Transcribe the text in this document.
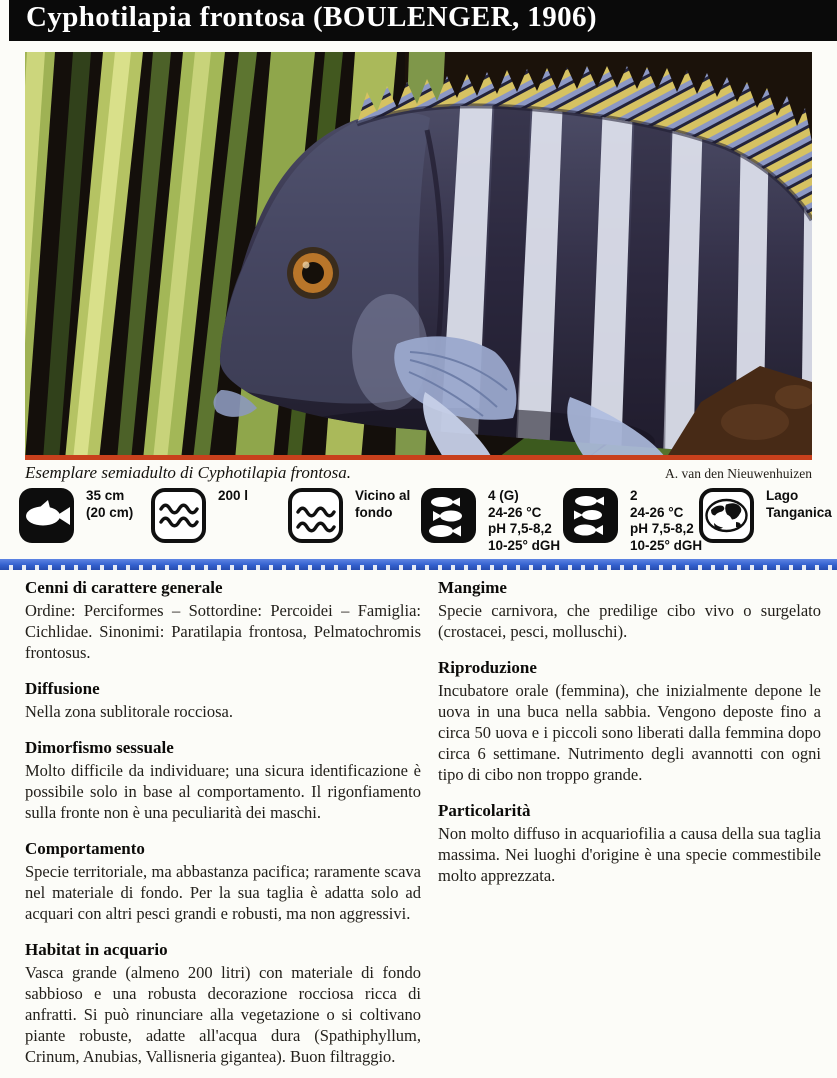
Cyphotilapia frontosa (BOULENGER, 1906)
Esemplare semiadulto di Cyphotilapia frontosa.	A. van den Nieuwenhuizen
35 cm
(20 cm)
200 l	Vicino al
fondo
4 (G)
24-26 °C
pH 7,5-8,2
10-25° dGH
2
24-26 °C
pH 7,5-8,2
10-25° dGH
Lago
Tanganica
Cenni di carattere generale

Ordine: Perciformes – Sottordine: Percoidei – Famiglia: Cichlidae. Sinonimi: Paratilapia frontosa, Pelmatochromis frontosus.

Diffusione

Nella zona sublitorale rocciosa.

Dimorfismo sessuale

Molto difficile da individuare; una sicura identificazione è possibile solo in base al comportamento. Il rigonfiamento sulla fronte non è una peculiarità dei maschi.

Comportamento

Specie territoriale, ma abbastanza pacifica; raramente scava nel materiale di fondo. Per la sua taglia è adatta solo ad acquari con altri pesci grandi e robusti, ma non aggressivi.

Habitat in acquario

Vasca grande (almeno 200 litri) con materiale di fondo sabbioso e una robusta decorazione rocciosa ricca di anfratti. Si può rinunciare alla vegetazione o si coltivano piante robuste, adatte all'acqua dura (Spathiphyllum, Crinum, Anubias, Vallisneria gigantea). Buon filtraggio.

Mangime

Specie carnivora, che predilige cibo vivo o surgelato (crostacei, pesci, molluschi).

Riproduzione

Incubatore orale (femmina), che inizialmente depone le uova in una buca nella sabbia. Vengono deposte fino a circa 50 uova e i piccoli sono liberati dalla femmina dopo circa 6 settimane. Nutrimento degli avannotti con ogni tipo di cibo non troppo grande.

Particolarità

Non molto diffuso in acquariofilia a causa della sua taglia massima. Nei luoghi d'origine è una specie commestibile molto apprezzata.
